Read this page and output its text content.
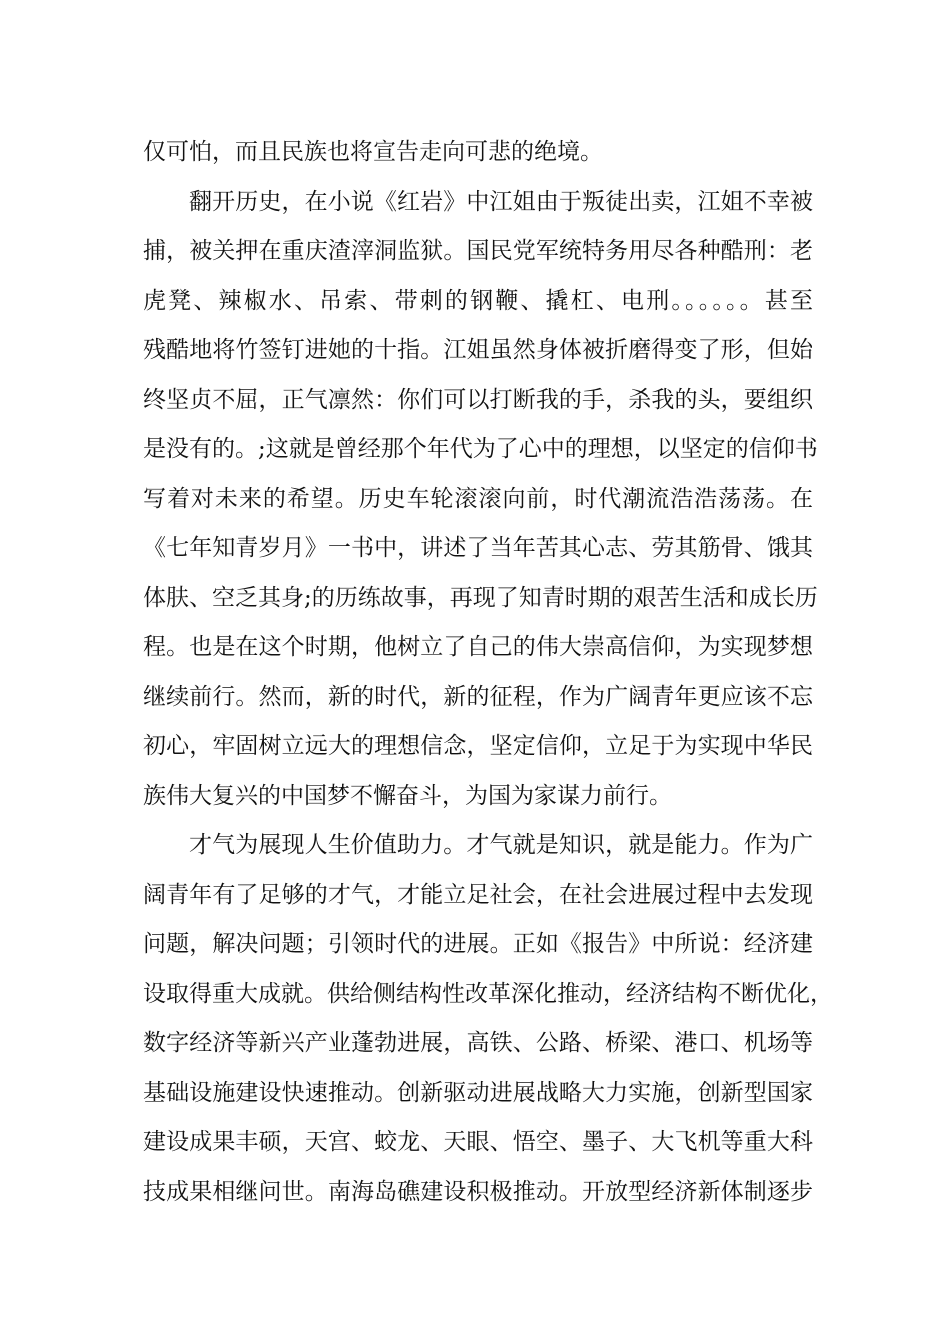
仅可怕，而且民族也将宣告走向可悲的绝境。
翻开历史，在小说《红岩》中江姐由于叛徒出卖，江姐不幸被
捕，被关押在重庆渣滓洞监狱。国民党军统特务用尽各种酷刑：老
虎凳、辣椒水、吊索、带刺的钢鞭、撬杠、电刑。。。。。。甚至
残酷地将竹签钉进她的十指。江姐虽然身体被折磨得变了形，但始
终坚贞不屈，正气凛然：你们可以打断我的手，杀我的头，要组织
是没有的。;这就是曾经那个年代为了心中的理想，以坚定的信仰书
写着对未来的希望。历史车轮滚滚向前，时代潮流浩浩荡荡。在
《七年知青岁月》一书中，讲述了当年苦其心志、劳其筋骨、饿其
体肤、空乏其身;的历练故事，再现了知青时期的艰苦生活和成长历
程。也是在这个时期，他树立了自己的伟大崇高信仰，为实现梦想
继续前行。然而，新的时代，新的征程，作为广阔青年更应该不忘
初心，牢固树立远大的理想信念，坚定信仰，立足于为实现中华民
族伟大复兴的中国梦不懈奋斗，为国为家谋力前行。
才气为展现人生价值助力。才气就是知识，就是能力。作为广
阔青年有了足够的才气，才能立足社会，在社会进展过程中去发现
问题，解决问题；引领时代的进展。正如《报告》中所说：经济建
设取得重大成就。供给侧结构性改革深化推动，经济结构不断优化，
数字经济等新兴产业蓬勃进展，高铁、公路、桥梁、港口、机场等
基础设施建设快速推动。创新驱动进展战略大力实施，创新型国家
建设成果丰硕，天宫、蛟龙、天眼、悟空、墨子、大飞机等重大科
技成果相继问世。南海岛礁建设积极推动。开放型经济新体制逐步
